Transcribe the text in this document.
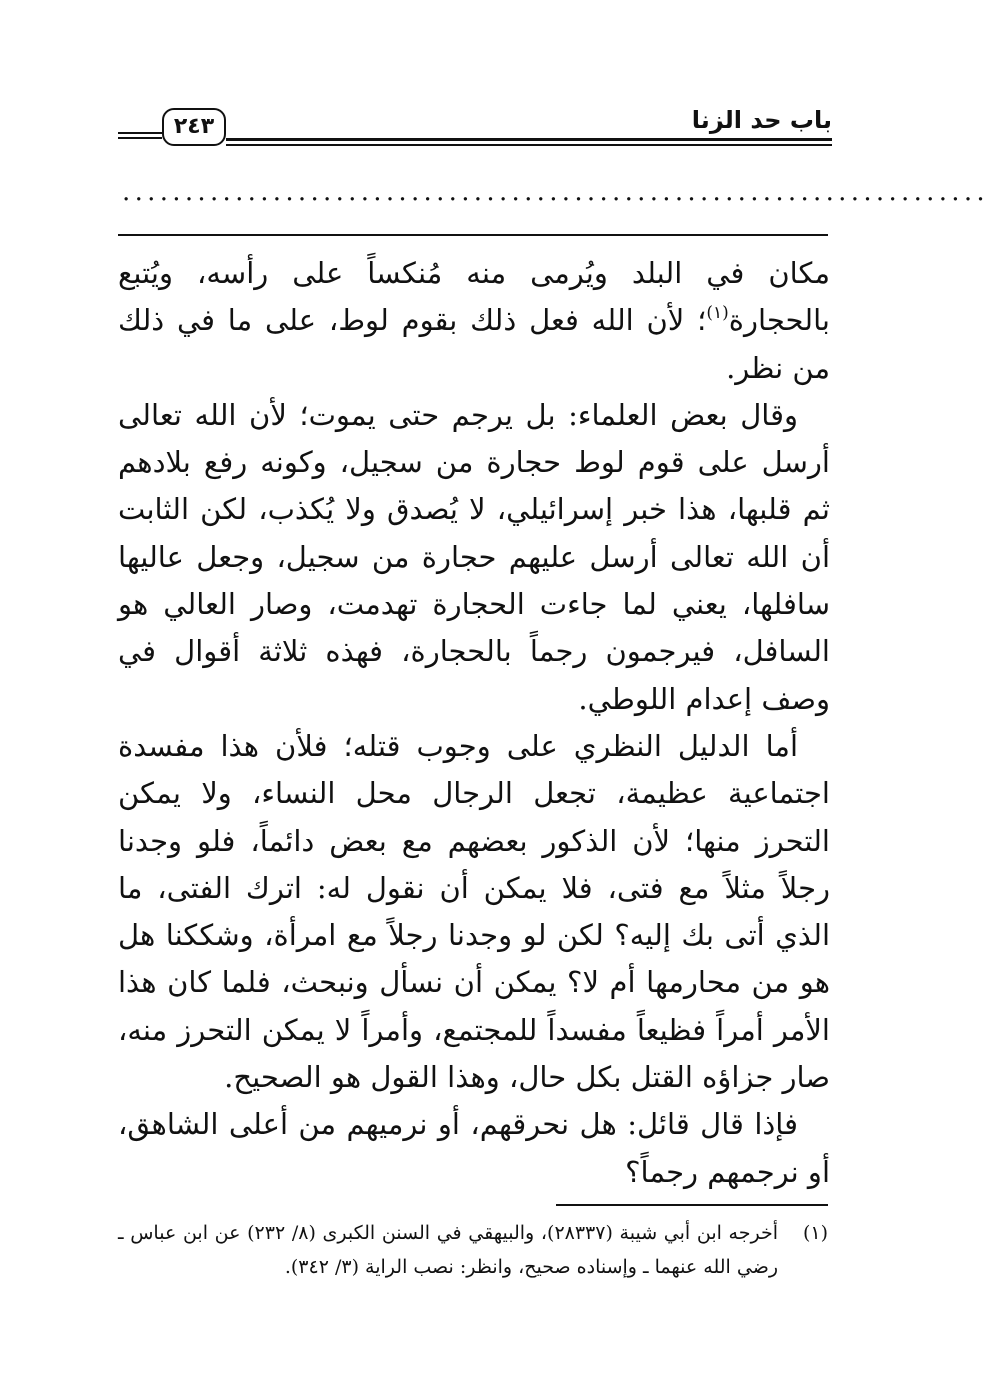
٢٤٣	باب حد الزنا
.....................................................................

مكان في البلد ويُرمى منه مُنكساً على رأسه، ويُتبع بالحجارة$^{(١)}$؛ لأن الله فعل ذلك بقوم لوط، على ما في ذلك من نظر.

وقال بعض العلماء: بل يرجم حتى يموت؛ لأن الله تعالى أرسل على قوم لوط حجارة من سجيل، وكونه رفع بلادهم ثم قلبها، هذا خبر إسرائيلي، لا يُصدق ولا يُكذب، لكن الثابت أن الله تعالى أرسل عليهم حجارة من سجيل، وجعل عاليها سافلها، يعني لما جاءت الحجارة تهدمت، وصار العالي هو السافل، فيرجمون رجماً بالحجارة، فهذه ثلاثة أقوال في وصف إعدام اللوطي.

أما الدليل النظري على وجوب قتله؛ فلأن هذا مفسدة اجتماعية عظيمة، تجعل الرجال محل النساء، ولا يمكن التحرز منها؛ لأن الذكور بعضهم مع بعض دائماً، فلو وجدنا رجلاً مثلاً مع فتى، فلا يمكن أن نقول له: اترك الفتى، ما الذي أتى بك إليه؟ لكن لو وجدنا رجلاً مع امرأة، وشككنا هل هو من محارمها أم لا؟ يمكن أن نسأل ونبحث، فلما كان هذا الأمر أمراً فظيعاً مفسداً للمجتمع، وأمراً لا يمكن التحرز منه، صار جزاؤه القتل بكل حال، وهذا القول هو الصحيح.

فإذا قال قائل: هل نحرقهم، أو نرميهم من أعلى الشاهق، أو نرجمهم رجماً؟

(١)
أخرجه ابن أبي شيبة (٢٨٣٣٧)، والبيهقي في السنن الكبرى (٨/ ٢٣٢) عن ابن عباس ـ رضي الله عنهما ـ وإسناده صحيح، وانظر: نصب الراية (٣/ ٣٤٢).
